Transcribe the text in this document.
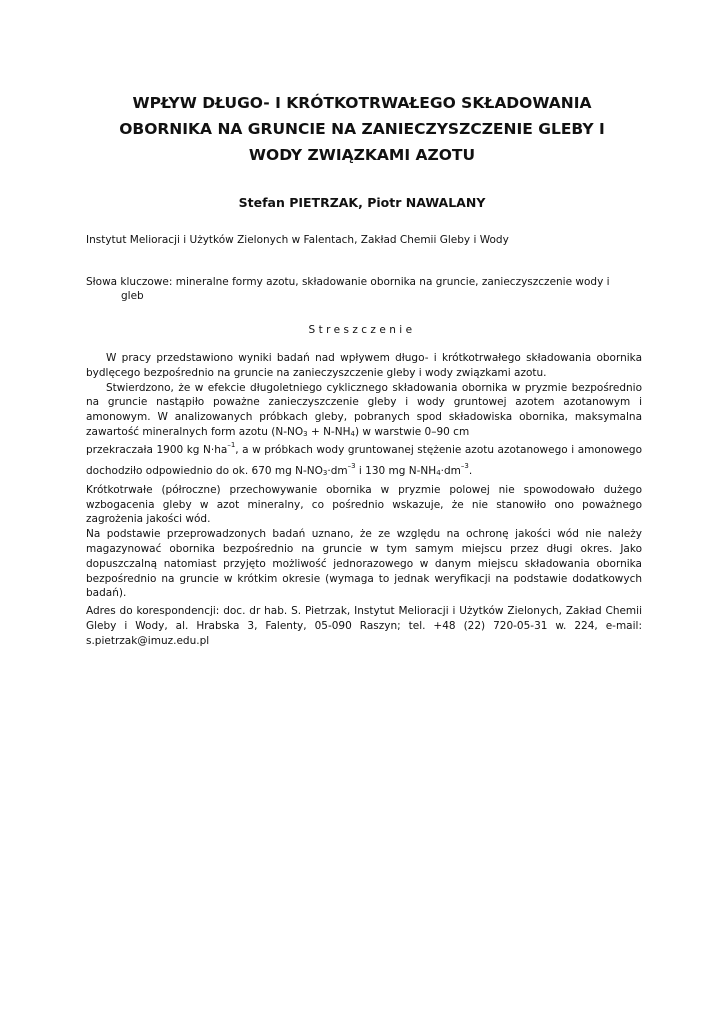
WPŁYW DŁUGO- I KRÓTKOTRWAŁEGO SKŁADOWANIA
OBORNIKA NA GRUNCIE NA ZANIECZYSZCZENIE GLEBY I
WODY ZWIĄZKAMI AZOTU
Stefan PIETRZAK, Piotr NAWALANY
Instytut Melioracji i Użytków Zielonych w Falentach, Zakład Chemii Gleby i Wody
Słowa kluczowe: mineralne formy azotu, składowanie obornika na gruncie, zanieczyszczenie wody i
gleb
Streszczenie

W pracy przedstawiono wyniki badań nad wpływem długo- i krótkotrwałego składowania obornika bydlęcego bezpośrednio na gruncie na zanieczyszczenie gleby i wody związkami azotu.

Stwierdzono, że w efekcie długoletniego cyklicznego składowania obornika w pryzmie bezpośrednio na gruncie nastąpiło poważne zanieczyszczenie gleby i wody gruntowej azotem azotanowym i amonowym. W analizowanych próbkach gleby, pobranych spod składowiska obornika, maksymalna zawartość mineralnych form azotu $(N-NO_3 + N-NH_4)$ w warstwie 0–90 cm

przekraczała 1900 kg $N\cdot ha^{-1}$, a w próbkach wody gruntowanej stężenie azotu azotanowego i amonowego dochodziło odpowiednio do ok. 670 mg $N-NO_3\cdot dm^{-3}$ i 130 mg $N-NH_4\cdot dm^{-3}$.

Krótkotrwałe (półroczne) przechowywanie obornika w pryzmie polowej nie spowodowało dużego wzbogacenia gleby w azot mineralny, co pośrednio wskazuje, że nie stanowiło ono poważnego zagrożenia jakości wód.

Na podstawie przeprowadzonych badań uznano, że ze względu na ochronę jakości wód nie należy magazynować obornika bezpośrednio na gruncie w tym samym miejscu przez długi okres. Jako dopuszczalną natomiast przyjęto możliwość jednorazowego w danym miejscu składowania obornika bezpośrednio na gruncie w krótkim okresie (wymaga to jednak weryfikacji na podstawie dodatkowych badań).

Adres do korespondencji: doc. dr hab. S. Pietrzak, Instytut Melioracji i Użytków Zielonych, Zakład Chemii Gleby i Wody, al. Hrabska 3, Falenty, 05-090 Raszyn; tel. +48 (22) 720-05-31 w. 224, e-mail: s.pietrzak@imuz.edu.pl
